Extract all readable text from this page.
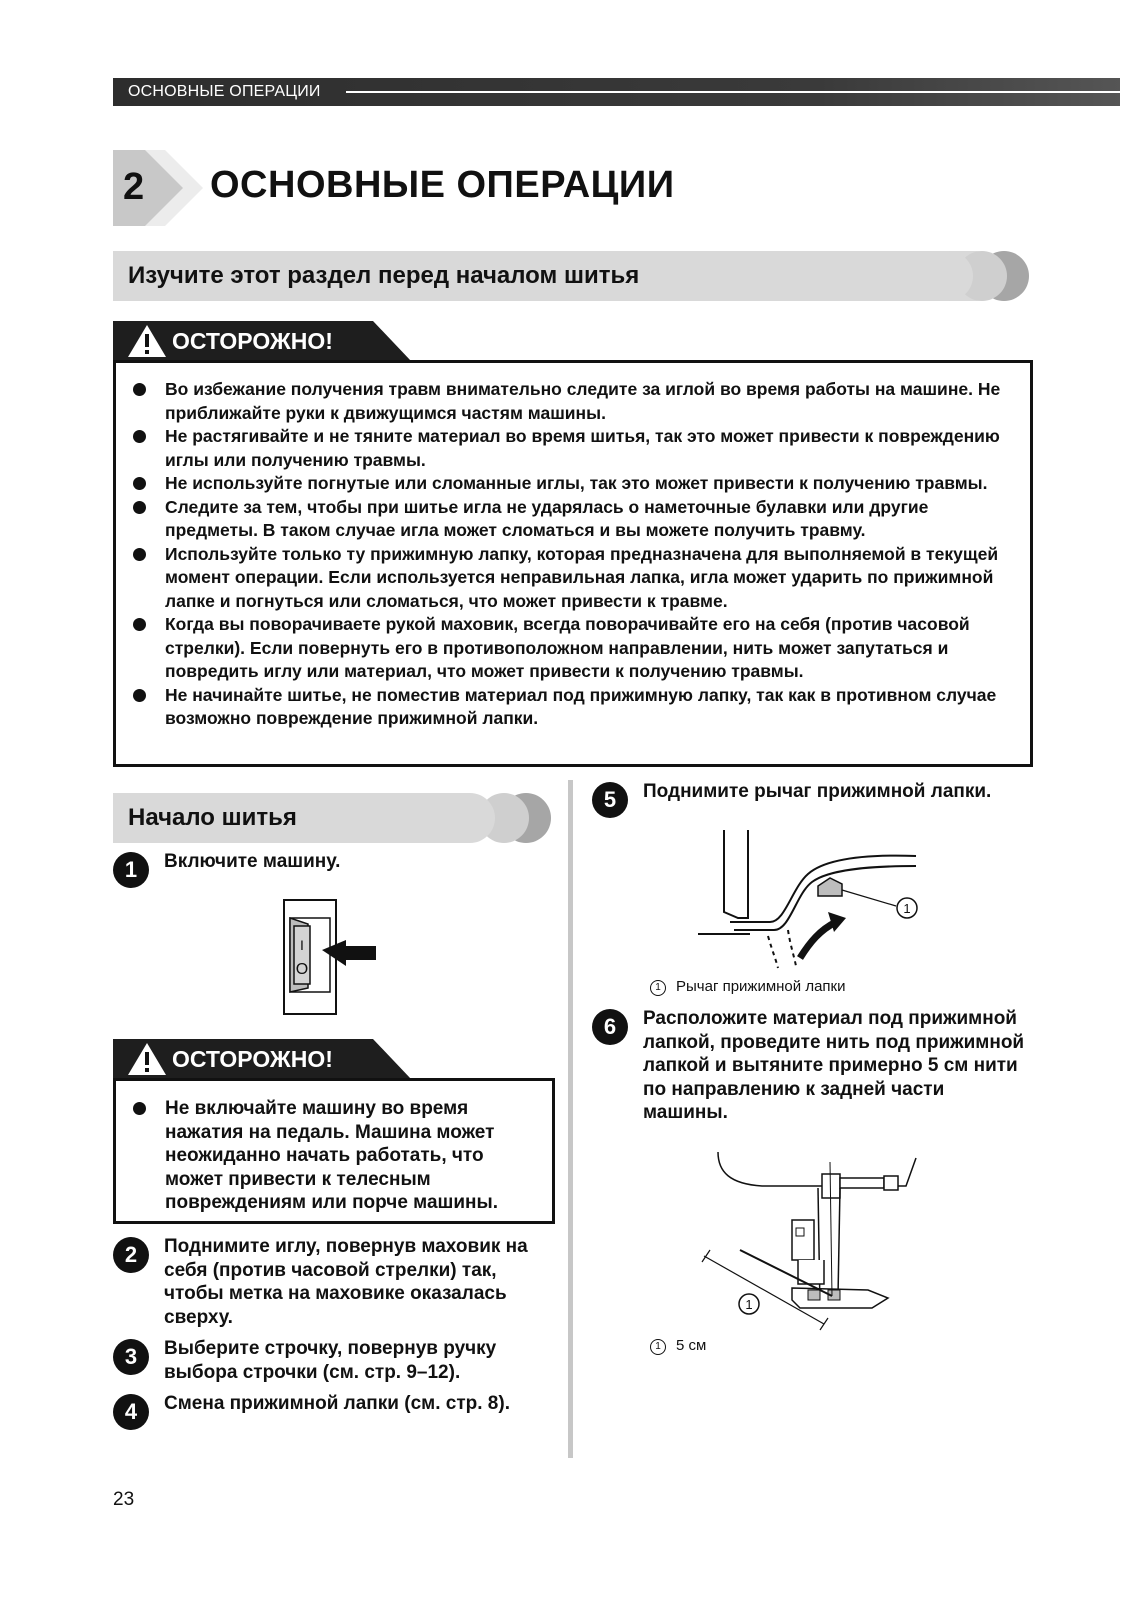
ОСНОВНЫЕ ОПЕРАЦИИ
2 ОСНОВНЫЕ ОПЕРАЦИИ
Изучите этот раздел перед началом шитья
ОСТОРОЖНО!
Во избежание получения травм внимательно следите за иглой во время работы на машине. Не приближайте руки к движущимся частям машины.
Не растягивайте и не тяните материал во время шитья, так это может привести к повреждению иглы или получению травмы.
Не используйте погнутые или сломанные иглы, так это может привести к получению травмы.
Следите за тем, чтобы при шитье игла не ударялась о наметочные булавки или другие предметы. В таком случае игла может сломаться и вы можете получить травму.
Используйте только ту прижимную лапку, которая предназначена для выполняемой в текущей момент операции. Если используется неправильная лапка, игла может ударить по прижимной лапке и погнуться или сломаться, что может привести к травме.
Когда вы поворачиваете рукой маховик, всегда поворачивайте его на себя (против часовой стрелки). Если повернуть его в противоположном направлении, нить может запутаться и повредить иглу или материал, что может привести к получению травмы.
Не начинайте шитье, не поместив материал под прижимную лапку, так как в противном случае возможно повреждение прижимной лапки.
Начало шитья
1	Включите машину.
I
O
ОСТОРОЖНО!
Не включайте машину во время нажатия на педаль. Машина может неожиданно начать работать, что может привести к телесным повреждениям или порче машины.
2	Поднимите иглу, повернув маховик на себя (против часовой стрелки) так, чтобы метка на маховике оказалась сверху.
3	Выберите строчку, повернув ручку выбора строчки (см. стр. 9–12).
4	Смена прижимной лапки (см. стр. 8).
5	Поднимите рычаг прижимной лапки.
1
1 Рычаг прижимной лапки
6	Расположите материал под прижимной лапкой, проведите нить под прижимной лапкой и вытяните примерно 5 см нити по направлению к задней части машины.
1
1 5 см
23
